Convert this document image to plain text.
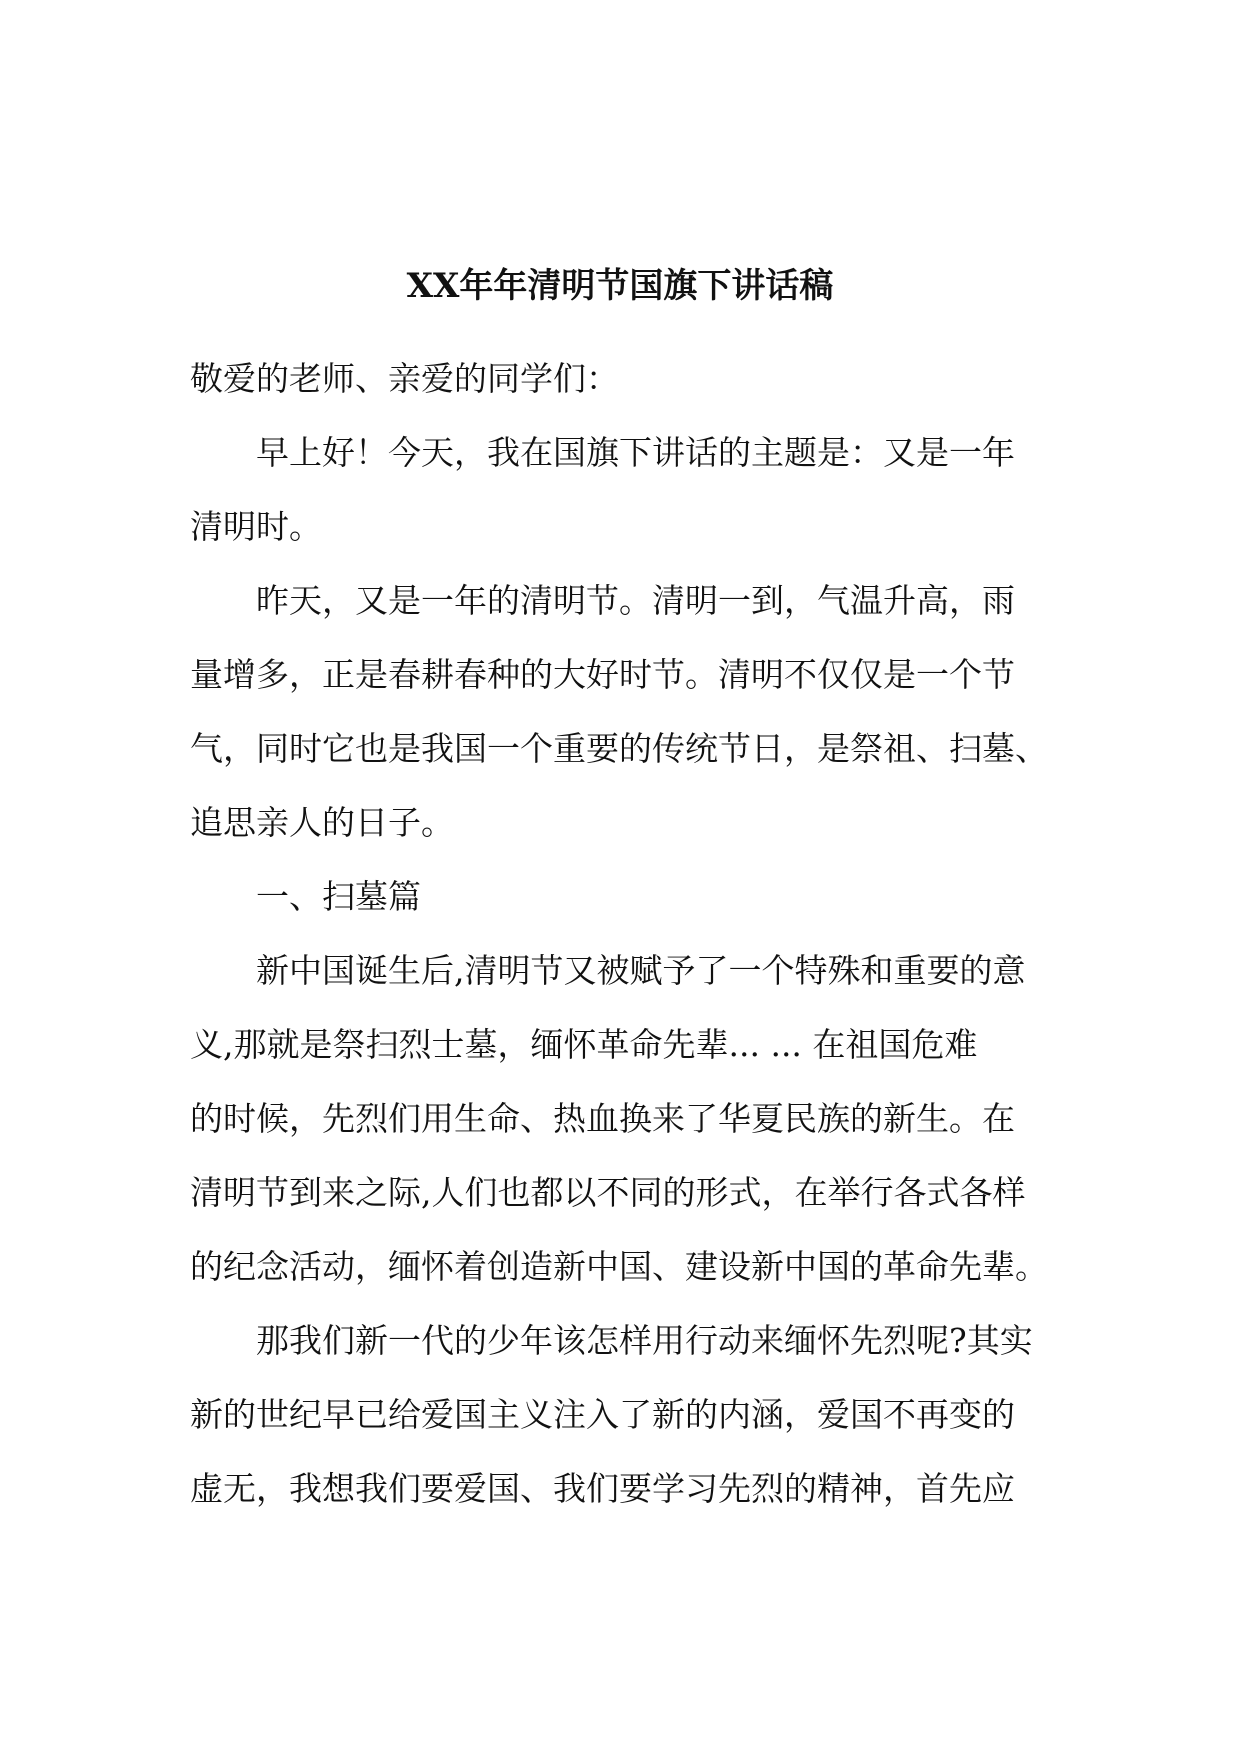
XX年年清明节国旗下讲话稿
敬爱的老师、亲爱的同学们：
早上好！今天，我在国旗下讲话的主题是：又是一年
清明时。
昨天，又是一年的清明节。清明一到，气温升高，雨
量增多，正是春耕春种的大好时节。清明不仅仅是一个节
气，同时它也是我国一个重要的传统节日，是祭祖、扫墓、
追思亲人的日子。
一、扫墓篇
新中国诞生后,清明节又被赋予了一个特殊和重要的意
义,那就是祭扫烈士墓，缅怀革命先辈... ... 在祖国危难
的时候，先烈们用生命、热血换来了华夏民族的新生。在
清明节到来之际,人们也都以不同的形式，在举行各式各样
的纪念活动，缅怀着创造新中国、建设新中国的革命先辈。
那我们新一代的少年该怎样用行动来缅怀先烈呢?其实
新的世纪早已给爱国主义注入了新的内涵，爱国不再变的
虚无，我想我们要爱国、我们要学习先烈的精神，首先应
